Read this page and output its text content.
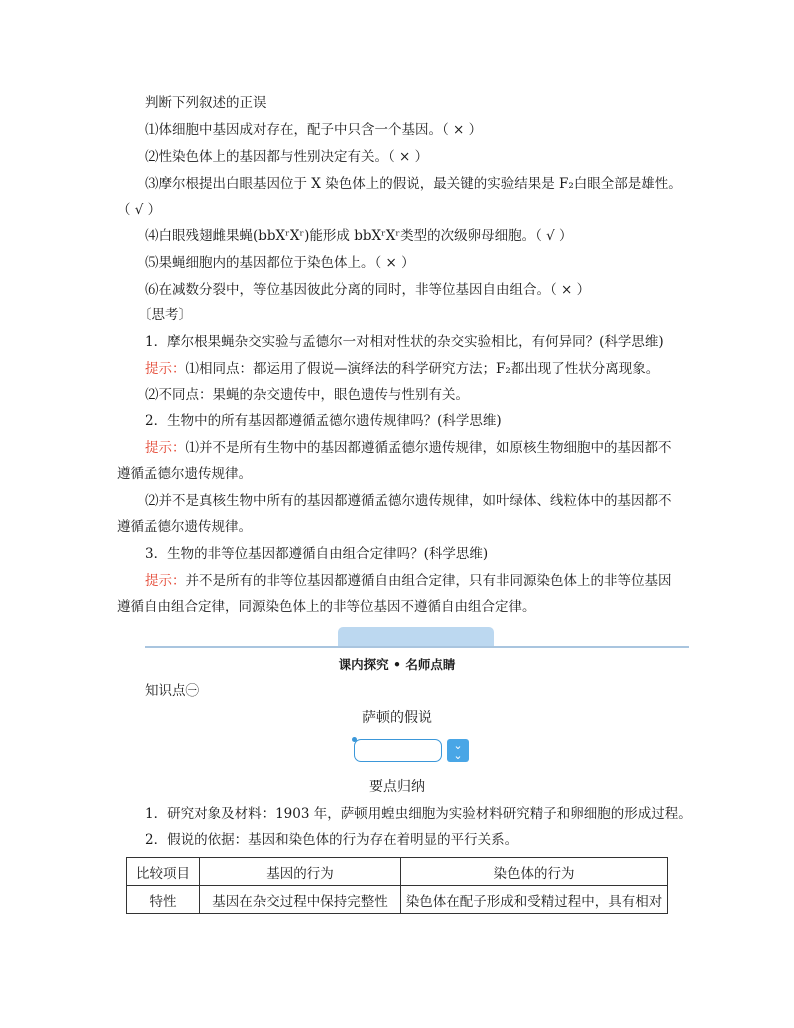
判断下列叙述的正误
⑴体细胞中基因成对存在，配子中只含一个基因。（ × ）
⑵性染色体上的基因都与性别决定有关。（ × ）
⑶摩尔根提出白眼基因位于 X 染色体上的假说，最关键的实验结果是 F₂白眼全部是雄性。
（ √ ）
⑷白眼残翅雌果蝇(bbXʳXʳ)能形成 bbXʳXʳ类型的次级卵母细胞。（ √ ）
⑸果蝇细胞内的基因都位于染色体上。（ × ）
⑹在减数分裂中，等位基因彼此分离的同时，非等位基因自由组合。（ × ）
〔思考〕
1．摩尔根果蝇杂交实验与孟德尔一对相对性状的杂交实验相比，有何异同？(科学思维)
提示：⑴相同点：都运用了假说—演绎法的科学研究方法；F₂都出现了性状分离现象。
⑵不同点：果蝇的杂交遗传中，眼色遗传与性别有关。
2．生物中的所有基因都遵循孟德尔遗传规律吗？(科学思维)
提示：⑴并不是所有生物中的基因都遵循孟德尔遗传规律，如原核生物细胞中的基因都不
遵循孟德尔遗传规律。
⑵并不是真核生物中所有的基因都遵循孟德尔遗传规律，如叶绿体、线粒体中的基因都不
遵循孟德尔遗传规律。
3．生物的非等位基因都遵循自由组合定律吗？(科学思维)
提示：并不是所有的非等位基因都遵循自由组合定律，只有非同源染色体上的非等位基因
遵循自由组合定律，同源染色体上的非等位基因不遵循自由组合定律。
课内探究 • 名师点睛
知识点㊀
萨顿的假说
⌄
⌄
要点归纳
1．研究对象及材料：1903 年，萨顿用蝗虫细胞为实验材料研究精子和卵细胞的形成过程。
2．假说的依据：基因和染色体的行为存在着明显的平行关系。
比较项目	基因的行为	染色体的行为
特性	基因在杂交过程中保持完整性	染色体在配子形成和受精过程中，具有相对
